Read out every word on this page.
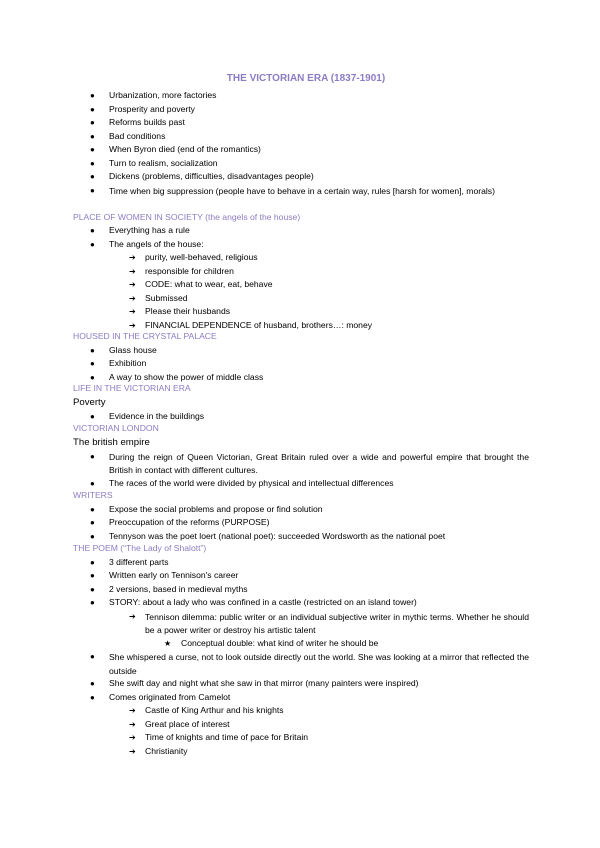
THE VICTORIAN ERA (1837-1901)
● Urbanization, more factories
● Prosperity and poverty
● Reforms builds past
● Bad conditions
● When Byron died (end of the romantics)
● Turn to realism, socialization
● Dickens (problems, difficulties, disadvantages people)
● Time when big suppression (people have to behave in a certain way, rules [harsh for women], morals)
PLACE OF WOMEN IN SOCIETY (the angels of the house)
● Everything has a rule
● The angels of the house:
➔ purity, well-behaved, religious
➔ responsible for children
➔ CODE: what to wear, eat, behave
➔ Submissed
➔ Please their husbands
➔ FINANCIAL DEPENDENCE of husband, brothers…: money
HOUSED IN THE CRYSTAL PALACE
● Glass house
● Exhibition
● A way to show the power of middle class
LIFE IN THE VICTORIAN ERA
Poverty
● Evidence in the buildings
VICTORIAN LONDON
The british empire
● During the reign of Queen Victorian, Great Britain ruled over a wide and powerful empire that brought the British in contact with different cultures.
● The races of the world were divided by physical and intellectual differences
WRITERS
● Expose the social problems and propose or find solution
● Preoccupation of the reforms (PURPOSE)
● Tennyson was the poet loert (national poet): succeeded Wordsworth as the national poet
THE POEM (“The Lady of Shalott”)
● 3 different parts
● Written early on Tennison's career
● 2 versions, based in medieval myths
● STORY: about a lady who was confined in a castle (restricted on an island tower)
➔ Tennison dilemma: public writer or an individual subjective writer in mythic terms. Whether he should be a power writer or destroy his artistic talent
★ Conceptual double: what kind of writer he should be
● She whispered a curse, not to look outside directly out the world. She was looking at a mirror that reflected the outside
● She swift day and night what she saw in that mirror (many painters were inspired)
● Comes originated from Camelot
➔ Castle of King Arthur and his knights
➔ Great place of interest
➔ Time of knights and time of pace for Britain
➔ Christianity
